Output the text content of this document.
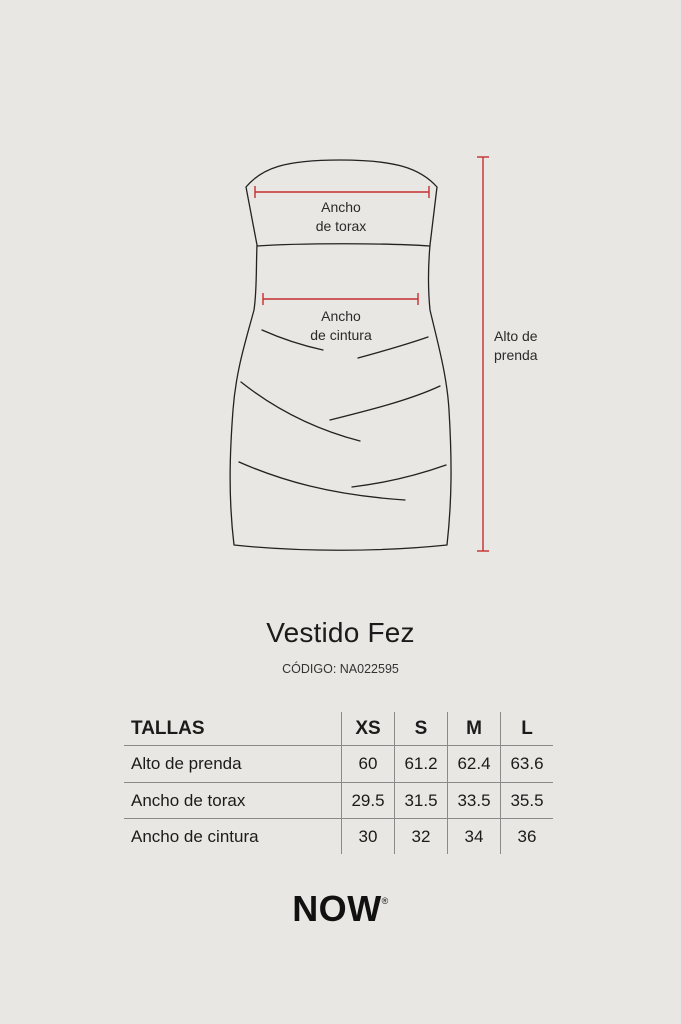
Ancho
de torax
Ancho
de cintura	Alto de
prenda
Vestido Fez
CÓDIGO: NA022595
TALLAS	XS	S	M	L
Alto de prenda	60	61.2	62.4	63.6
Ancho de torax	29.5	31.5	33.5	35.5
Ancho de cintura	30	32	34	36
NOW®
